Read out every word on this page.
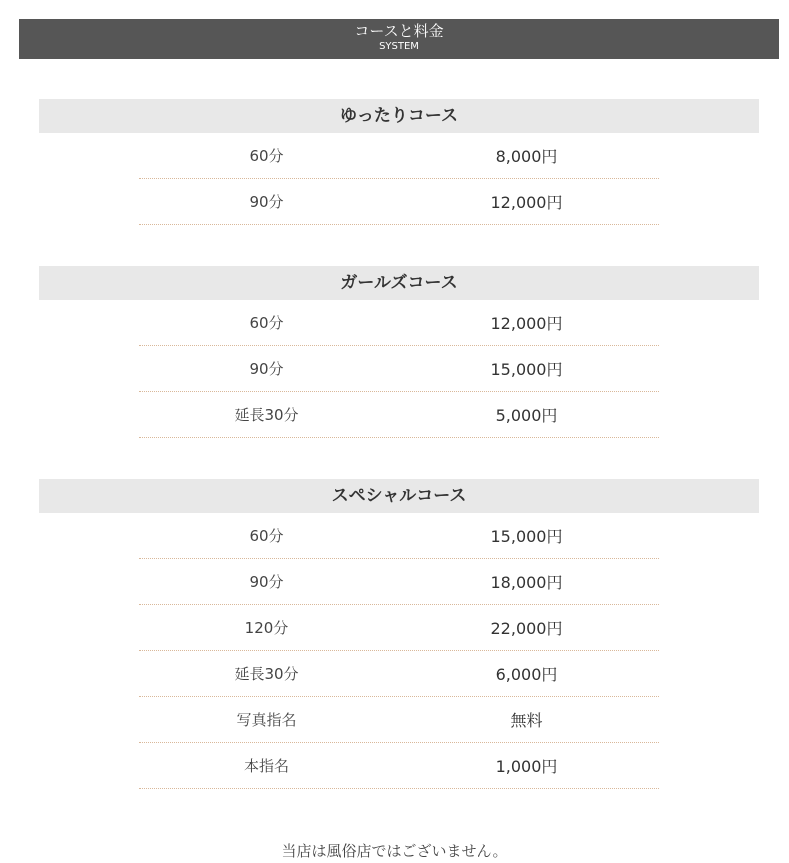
コースと料金
SYSTEM
ゆったりコース
60分	8,000円
90分	12,000円
ガールズコース
60分	12,000円
90分	15,000円
延長30分	5,000円
スペシャルコース
60分	15,000円
90分	18,000円
120分	22,000円
延長30分	6,000円
写真指名	無料
本指名	1,000円
当店は風俗店ではございません。
